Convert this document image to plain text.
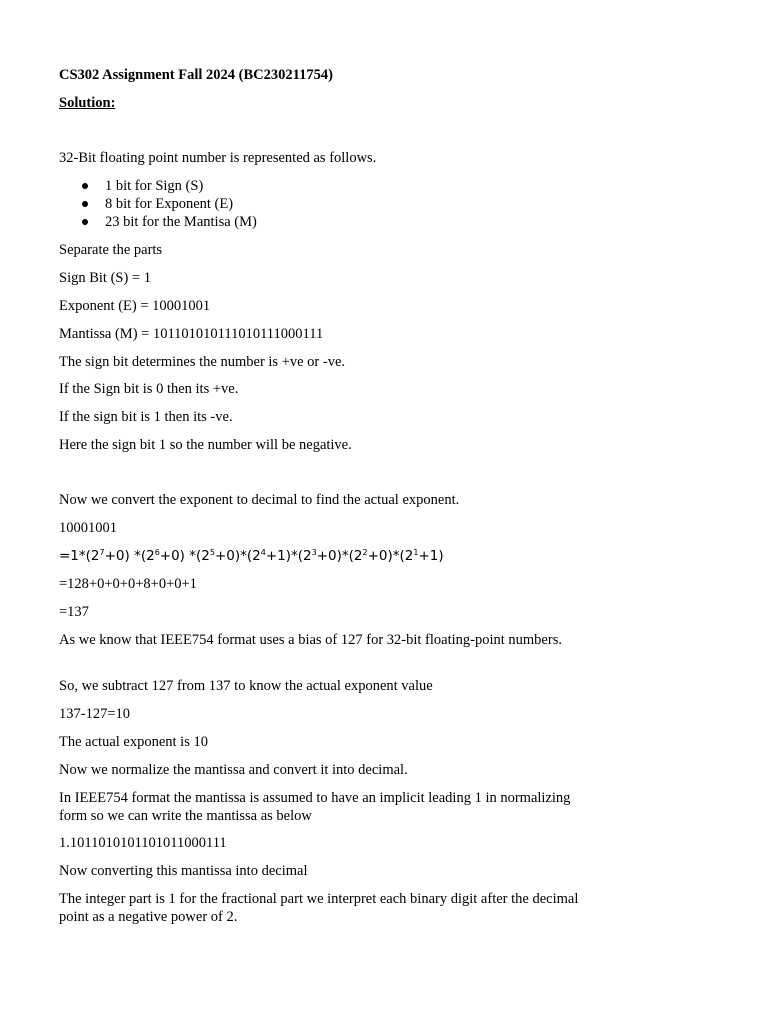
CS302 Assignment Fall 2024 (BC230211754)
Solution:
32-Bit floating point number is represented as follows.
1 bit for Sign (S)
8 bit for Exponent (E)
23 bit for the Mantisa (M)
Separate the parts
Sign Bit (S) = 1
Exponent (E) = 10001001
Mantissa (M) = 10110101011101011100011​1
The sign bit determines the number is +ve or -ve.
If the Sign bit is 0 then its +ve.
If the sign bit is 1 then its -ve.
Here the sign bit 1 so the number will be negative.
Now we convert the exponent to decimal to find the actual exponent.
10001001
$=1*(2^7+0)$ $*(2^6+0)$ $*(2^5+0)*(2^4+1)*(2^3+0)*(2^2+0)*(2^1+1)$
=128+0+0+0+8+0+0+1
=137
As we know that IEEE754 format uses a bias of 127 for 32-bit floating-point numbers.
So, we subtract 127 from 137 to know the actual exponent value
137-127=10
The actual exponent is 10
Now we normalize the mantissa and convert it into decimal.
In IEEE754 format the mantissa is assumed to have an implicit leading 1 in normalizing form so we can write the mantissa as below
1.1011010101101011000111
Now converting this mantissa into decimal
The integer part is 1 for the fractional part we interpret each binary digit after the decimal point as a negative power of 2.
